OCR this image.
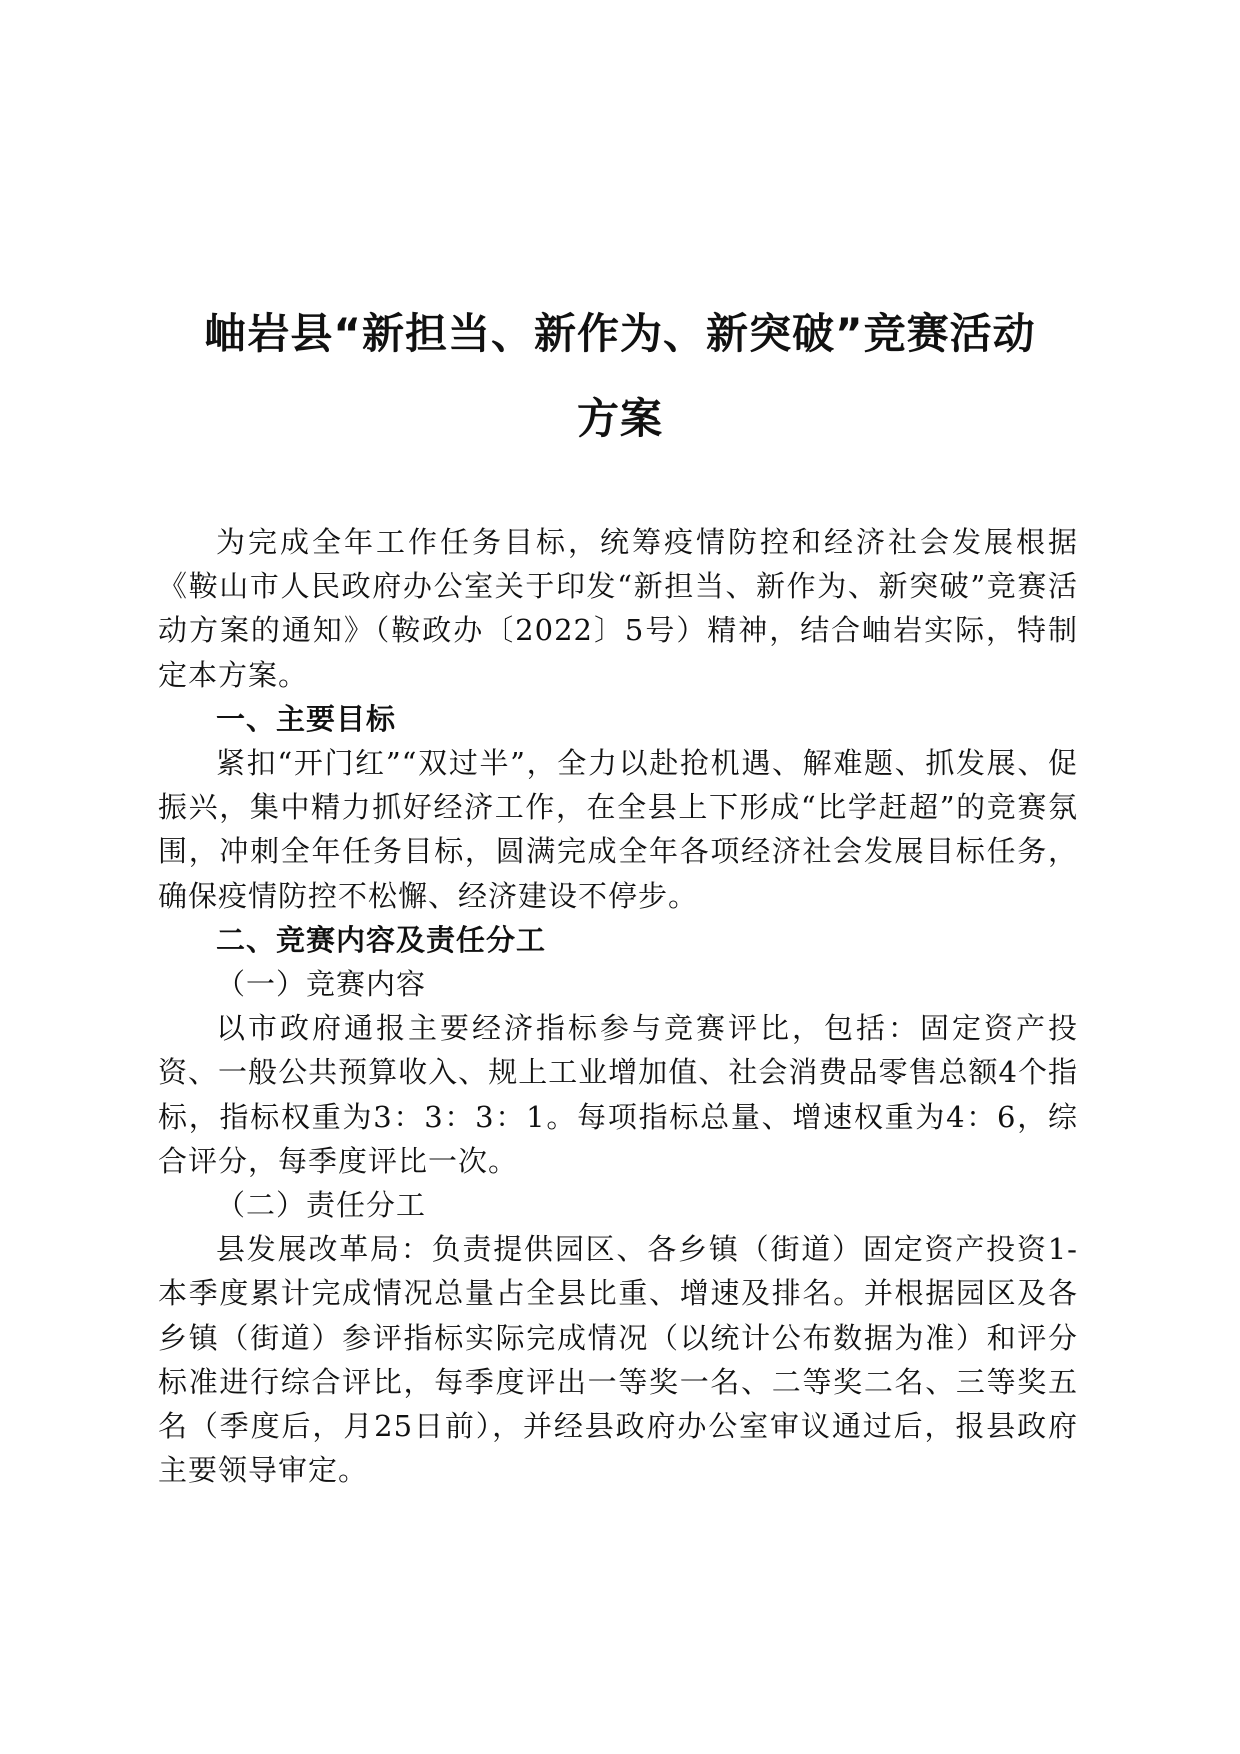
岫岩县“新担当、新作为、新突破”竞赛活动
方案

为完成全年工作任务目标，统筹疫情防控和经济社会发展根据《鞍山市人民政府办公室关于印发“新担当、新作为、新突破”竞赛活动方案的通知》（鞍政办〔2022〕5号）精神，结合岫岩实际，特制定本方案。

一、主要目标

紧扣“开门红”“双过半”，全力以赴抢机遇、解难题、抓发展、促振兴，集中精力抓好经济工作，在全县上下形成“比学赶超”的竞赛氛围，冲刺全年任务目标，圆满完成全年各项经济社会发展目标任务，确保疫情防控不松懈、经济建设不停步。

二、竞赛内容及责任分工

（一）竞赛内容

以市政府通报主要经济指标参与竞赛评比，包括：固定资产投资、一般公共预算收入、规上工业增加值、社会消费品零售总额4个指标，指标权重为3：3：3：1。每项指标总量、增速权重为4：6，综合评分，每季度评比一次。

（二）责任分工

县发展改革局：负责提供园区、各乡镇（街道）固定资产投资1-本季度累计完成情况总量占全县比重、增速及排名。并根据园区及各乡镇（街道）参评指标实际完成情况（以统计公布数据为准）和评分标准进行综合评比，每季度评出一等奖一名、二等奖二名、三等奖五名（季度后，月25日前），并经县政府办公室审议通过后，报县政府主要领导审定。
